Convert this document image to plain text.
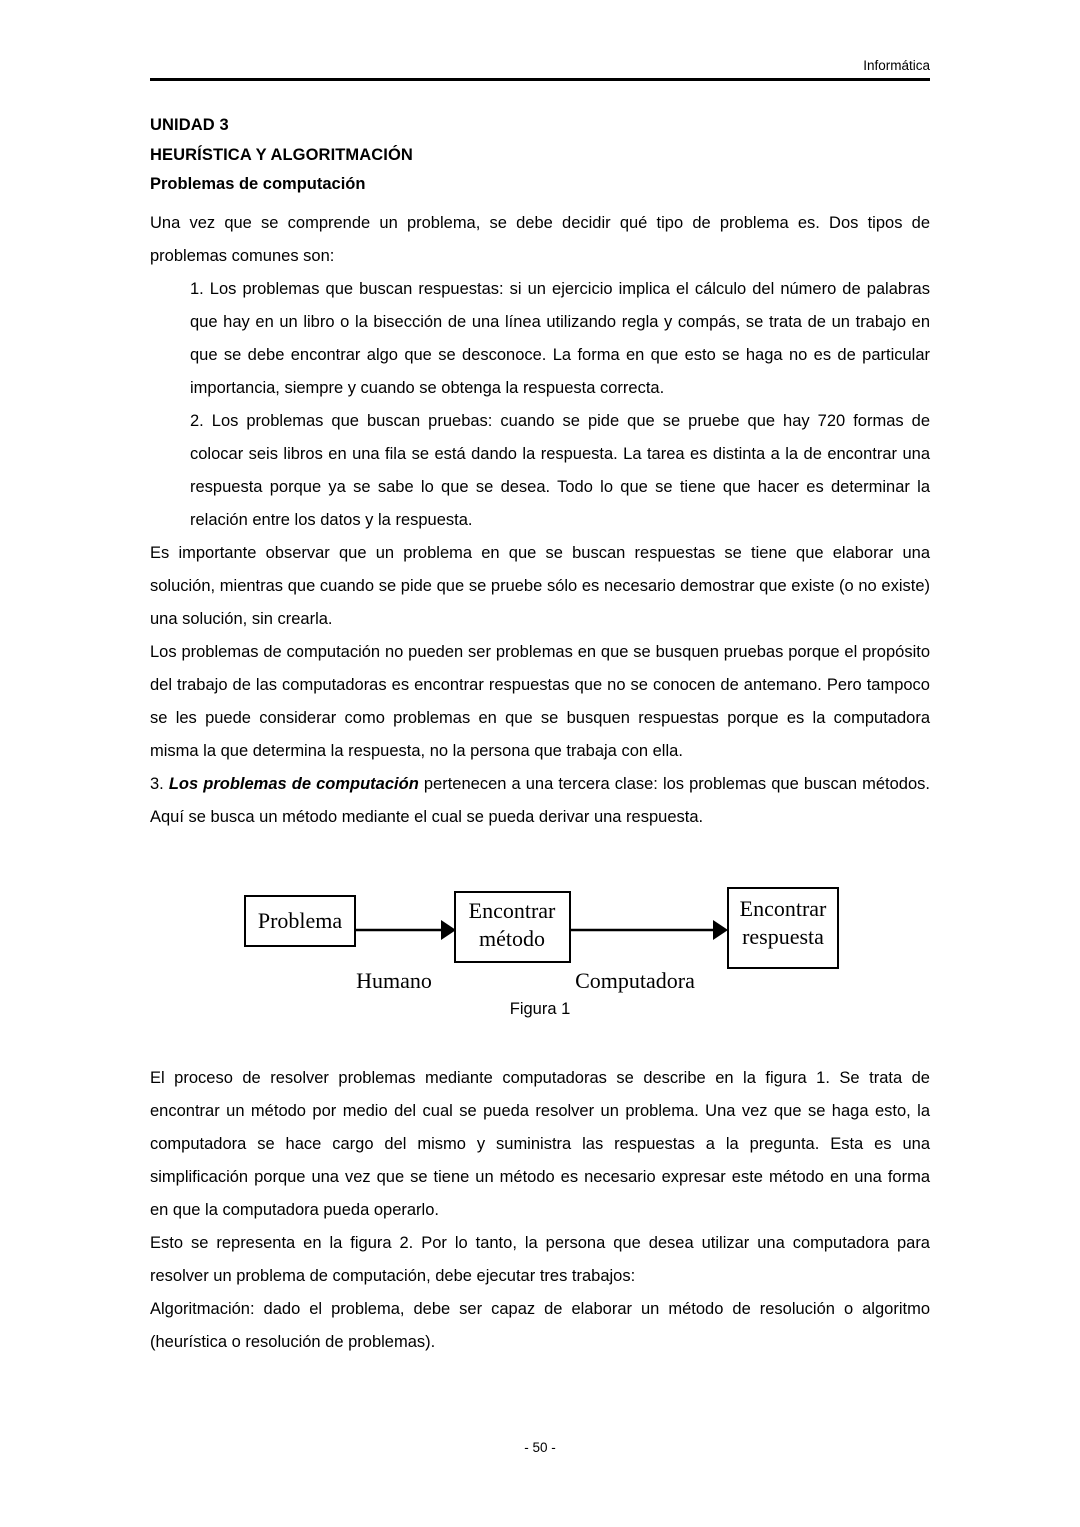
Informática
UNIDAD 3
HEURÍSTICA Y ALGORITMACIÓN
Problemas de computación

Una vez que se comprende un problema, se debe decidir qué tipo de problema es. Dos tipos de problemas comunes son:

1. Los problemas que buscan respuestas: si un ejercicio implica el cálculo del número de palabras que hay en un libro o la bisección de una línea utilizando regla y compás, se trata de un trabajo en que se debe encontrar algo que se desconoce. La forma en que esto se haga no es de particular importancia, siempre y cuando se obtenga la respuesta correcta.
2. Los problemas que buscan pruebas: cuando se pide que se pruebe que hay 720 formas de colocar seis libros en una fila se está dando la respuesta. La tarea es distinta a la de encontrar una respuesta porque ya se sabe lo que se desea. Todo lo que se tiene que hacer es determinar la relación entre los datos y la respuesta.

Es importante observar que un problema en que se buscan respuestas se tiene que elaborar una solución, mientras que cuando se pide que se pruebe sólo es necesario demostrar que existe (o no existe) una solución, sin crearla.

Los problemas de computación no pueden ser problemas en que se busquen pruebas porque el propósito del trabajo de las computadoras es encontrar respuestas que no se conocen de antemano. Pero tampoco se les puede considerar como problemas en que se busquen respuestas porque es la computadora misma la que determina la respuesta, no la persona que trabaja con ella.

3. Los problemas de computación pertenecen a una tercera clase: los problemas que buscan métodos. Aquí se busca un método mediante el cual se pueda derivar una respuesta.

Problema	Encontrar
método
Encontrar
respuesta
Humano	Computadora
Figura 1

El proceso de resolver problemas mediante computadoras se describe en la figura 1. Se trata de encontrar un método por medio del cual se pueda resolver un problema. Una vez que se haga esto, la computadora se hace cargo del mismo y suministra las respuestas a la pregunta. Esta es una simplificación porque una vez que se tiene un método es necesario expresar este método en una forma en que la computadora pueda operarlo.

Esto se representa en la figura 2. Por lo tanto, la persona que desea utilizar una computadora para resolver un problema de computación, debe ejecutar tres trabajos:

Algoritmación: dado el problema, debe ser capaz de elaborar un método de resolución o algoritmo (heurística o resolución de problemas).

- 50 -
